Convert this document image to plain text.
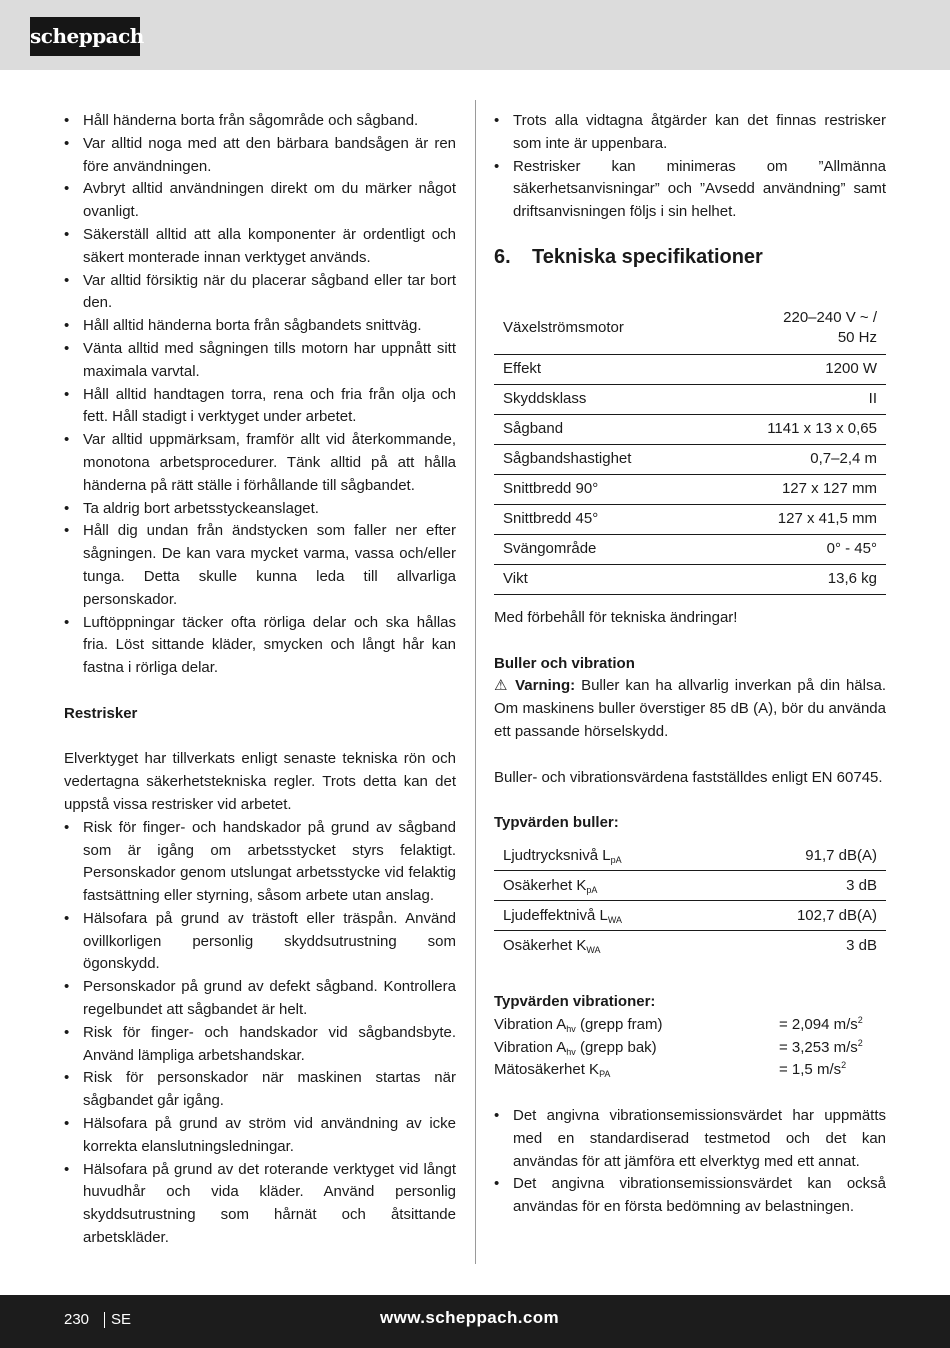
scheppach
• Håll händerna borta från sågområde och sågband.
• Var alltid noga med att den bärbara bandsågen är ren före användningen.
• Avbryt alltid användningen direkt om du märker något ovanligt.
• Säkerställ alltid att alla komponenter är ordentligt och säkert monterade innan verktyget används.
• Var alltid försiktig när du placerar sågband eller tar bort den.
• Håll alltid händerna borta från sågbandets snittväg.
• Vänta alltid med sågningen tills motorn har uppnått sitt maximala varvtal.
• Håll alltid handtagen torra, rena och fria från olja och fett. Håll stadigt i verktyget under arbetet.
• Var alltid uppmärksam, framför allt vid återkommande, monotona arbetsprocedurer. Tänk alltid på att hålla händerna på rätt ställe i förhållande till sågbandet.
• Ta aldrig bort arbetsstyckeanslaget.
• Håll dig undan från ändstycken som faller ner efter sågningen. De kan vara mycket varma, vassa och/eller tunga. Detta skulle kunna leda till allvarliga personskador.
• Luftöppningar täcker ofta rörliga delar och ska hållas fria. Löst sittande kläder, smycken och långt hår kan fastna i rörliga delar.
Restrisker

Elverktyget har tillverkats enligt senaste tekniska rön och vedertagna säkerhetstekniska regler. Trots detta kan det uppstå vissa restrisker vid arbetet.

• Risk för finger- och handskador på grund av sågband som är igång om arbetsstycket styrs felaktigt. Personskador genom utslungat arbetsstycke vid felaktig fastsättning eller styrning, såsom arbete utan anslag.
• Hälsofara på grund av trästoft eller träspån. Använd ovillkorligen personlig skyddsutrustning som ögonskydd.
• Personskador på grund av defekt sågband. Kontrollera regelbundet att sågbandet är helt.
• Risk för finger- och handskador vid sågbandsbyte. Använd lämpliga arbetshandskar.
• Risk för personskador när maskinen startas när sågbandet går igång.
• Hälsofara på grund av ström vid användning av icke korrekta elanslutningsledningar.
• Hälsofara på grund av det roterande verktyget vid långt huvudhår och vida kläder. Använd personlig skyddsutrustning som hårnät och åtsittande arbetskläder.
• Trots alla vidtagna åtgärder kan det finnas restrisker som inte är uppenbara.
• Restrisker kan minimeras om ”Allmänna säkerhetsanvisningar” och ”Avsedd användning” samt driftsanvisningen följs i sin helhet.
6. Tekniska specifikationer
Växelströmsmotor	220–240 V ~ /
50 Hz
Effekt	1200 W
Skyddsklass	II
Sågband	1141 x 13 x 0,65
Sågbandshastighet	0,7–2,4 m
Snittbredd 90°	127 x 127 mm
Snittbredd 45°	127 x 41,5 mm
Svängområde	0° - 45°
Vikt	13,6 kg

Med förbehåll för tekniska ändringar!

Buller och vibration

⚠ Varning: Buller kan ha allvarlig inverkan på din hälsa. Om maskinens buller överstiger 85 dB (A), bör du använda ett passande hörselskydd.

Buller- och vibrationsvärdena fastställdes enligt EN 60745.

Typvärden buller:
Ljudtrycksnivå $L_{pA}$	91,7 dB(A)
Osäkerhet $K_{pA}$	3 dB
Ljudeffektnivå $L_{WA}$	102,7 dB(A)
Osäkerhet $K_{WA}$	3 dB
Typvärden vibrationer:
Vibration $A_{hv}$ (grepp fram)	= 2,094 $m/s^2$
Vibration $A_{hv}$ (grepp bak)	= 3,253 $m/s^2$
Mätosäkerhet $K_{PA}$	= 1,5 $m/s^2$
• Det angivna vibrationsemissionsvärdet har uppmätts med en standardiserad testmetod och det kan användas för att jämföra ett elverktyg med ett annat.
• Det angivna vibrationsemissionsvärdet kan också användas för en första bedömning av belastningen.
230	SE	www.scheppach.com
